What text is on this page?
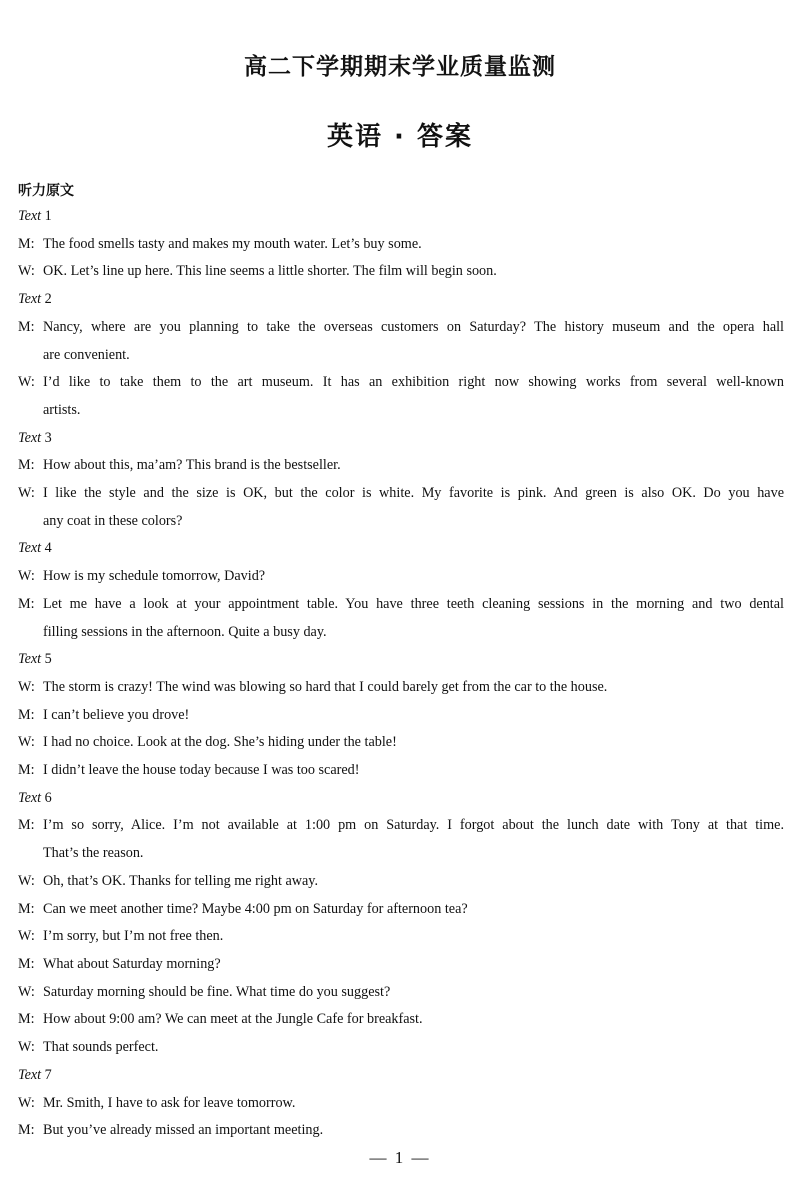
高二下学期期末学业质量监测
英语 · 答案
听力原文
Text 1
M: The food smells tasty and makes my mouth water. Let’s buy some.
W: OK. Let’s line up here. This line seems a little shorter. The film will begin soon.
Text 2
M: Nancy, where are you planning to take the overseas customers on Saturday? The history museum and the opera hall
are convenient.
W: I’d like to take them to the art museum. It has an exhibition right now showing works from several well-known
artists.
Text 3
M: How about this, ma’am? This brand is the bestseller.
W: I like the style and the size is OK, but the color is white. My favorite is pink. And green is also OK. Do you have
any coat in these colors?
Text 4
W: How is my schedule tomorrow, David?
M: Let me have a look at your appointment table. You have three teeth cleaning sessions in the morning and two dental
filling sessions in the afternoon. Quite a busy day.
Text 5
W: The storm is crazy! The wind was blowing so hard that I could barely get from the car to the house.
M: I can’t believe you drove!
W: I had no choice. Look at the dog. She’s hiding under the table!
M: I didn’t leave the house today because I was too scared!
Text 6
M: I’m so sorry, Alice. I’m not available at 1:00 pm on Saturday. I forgot about the lunch date with Tony at that time.
That’s the reason.
W: Oh, that’s OK. Thanks for telling me right away.
M: Can we meet another time? Maybe 4:00 pm on Saturday for afternoon tea?
W: I’m sorry, but I’m not free then.
M: What about Saturday morning?
W: Saturday morning should be fine. What time do you suggest?
M: How about 9:00 am? We can meet at the Jungle Cafe for breakfast.
W: That sounds perfect.
Text 7
W: Mr. Smith, I have to ask for leave tomorrow.
M: But you’ve already missed an important meeting.
— 1 —
